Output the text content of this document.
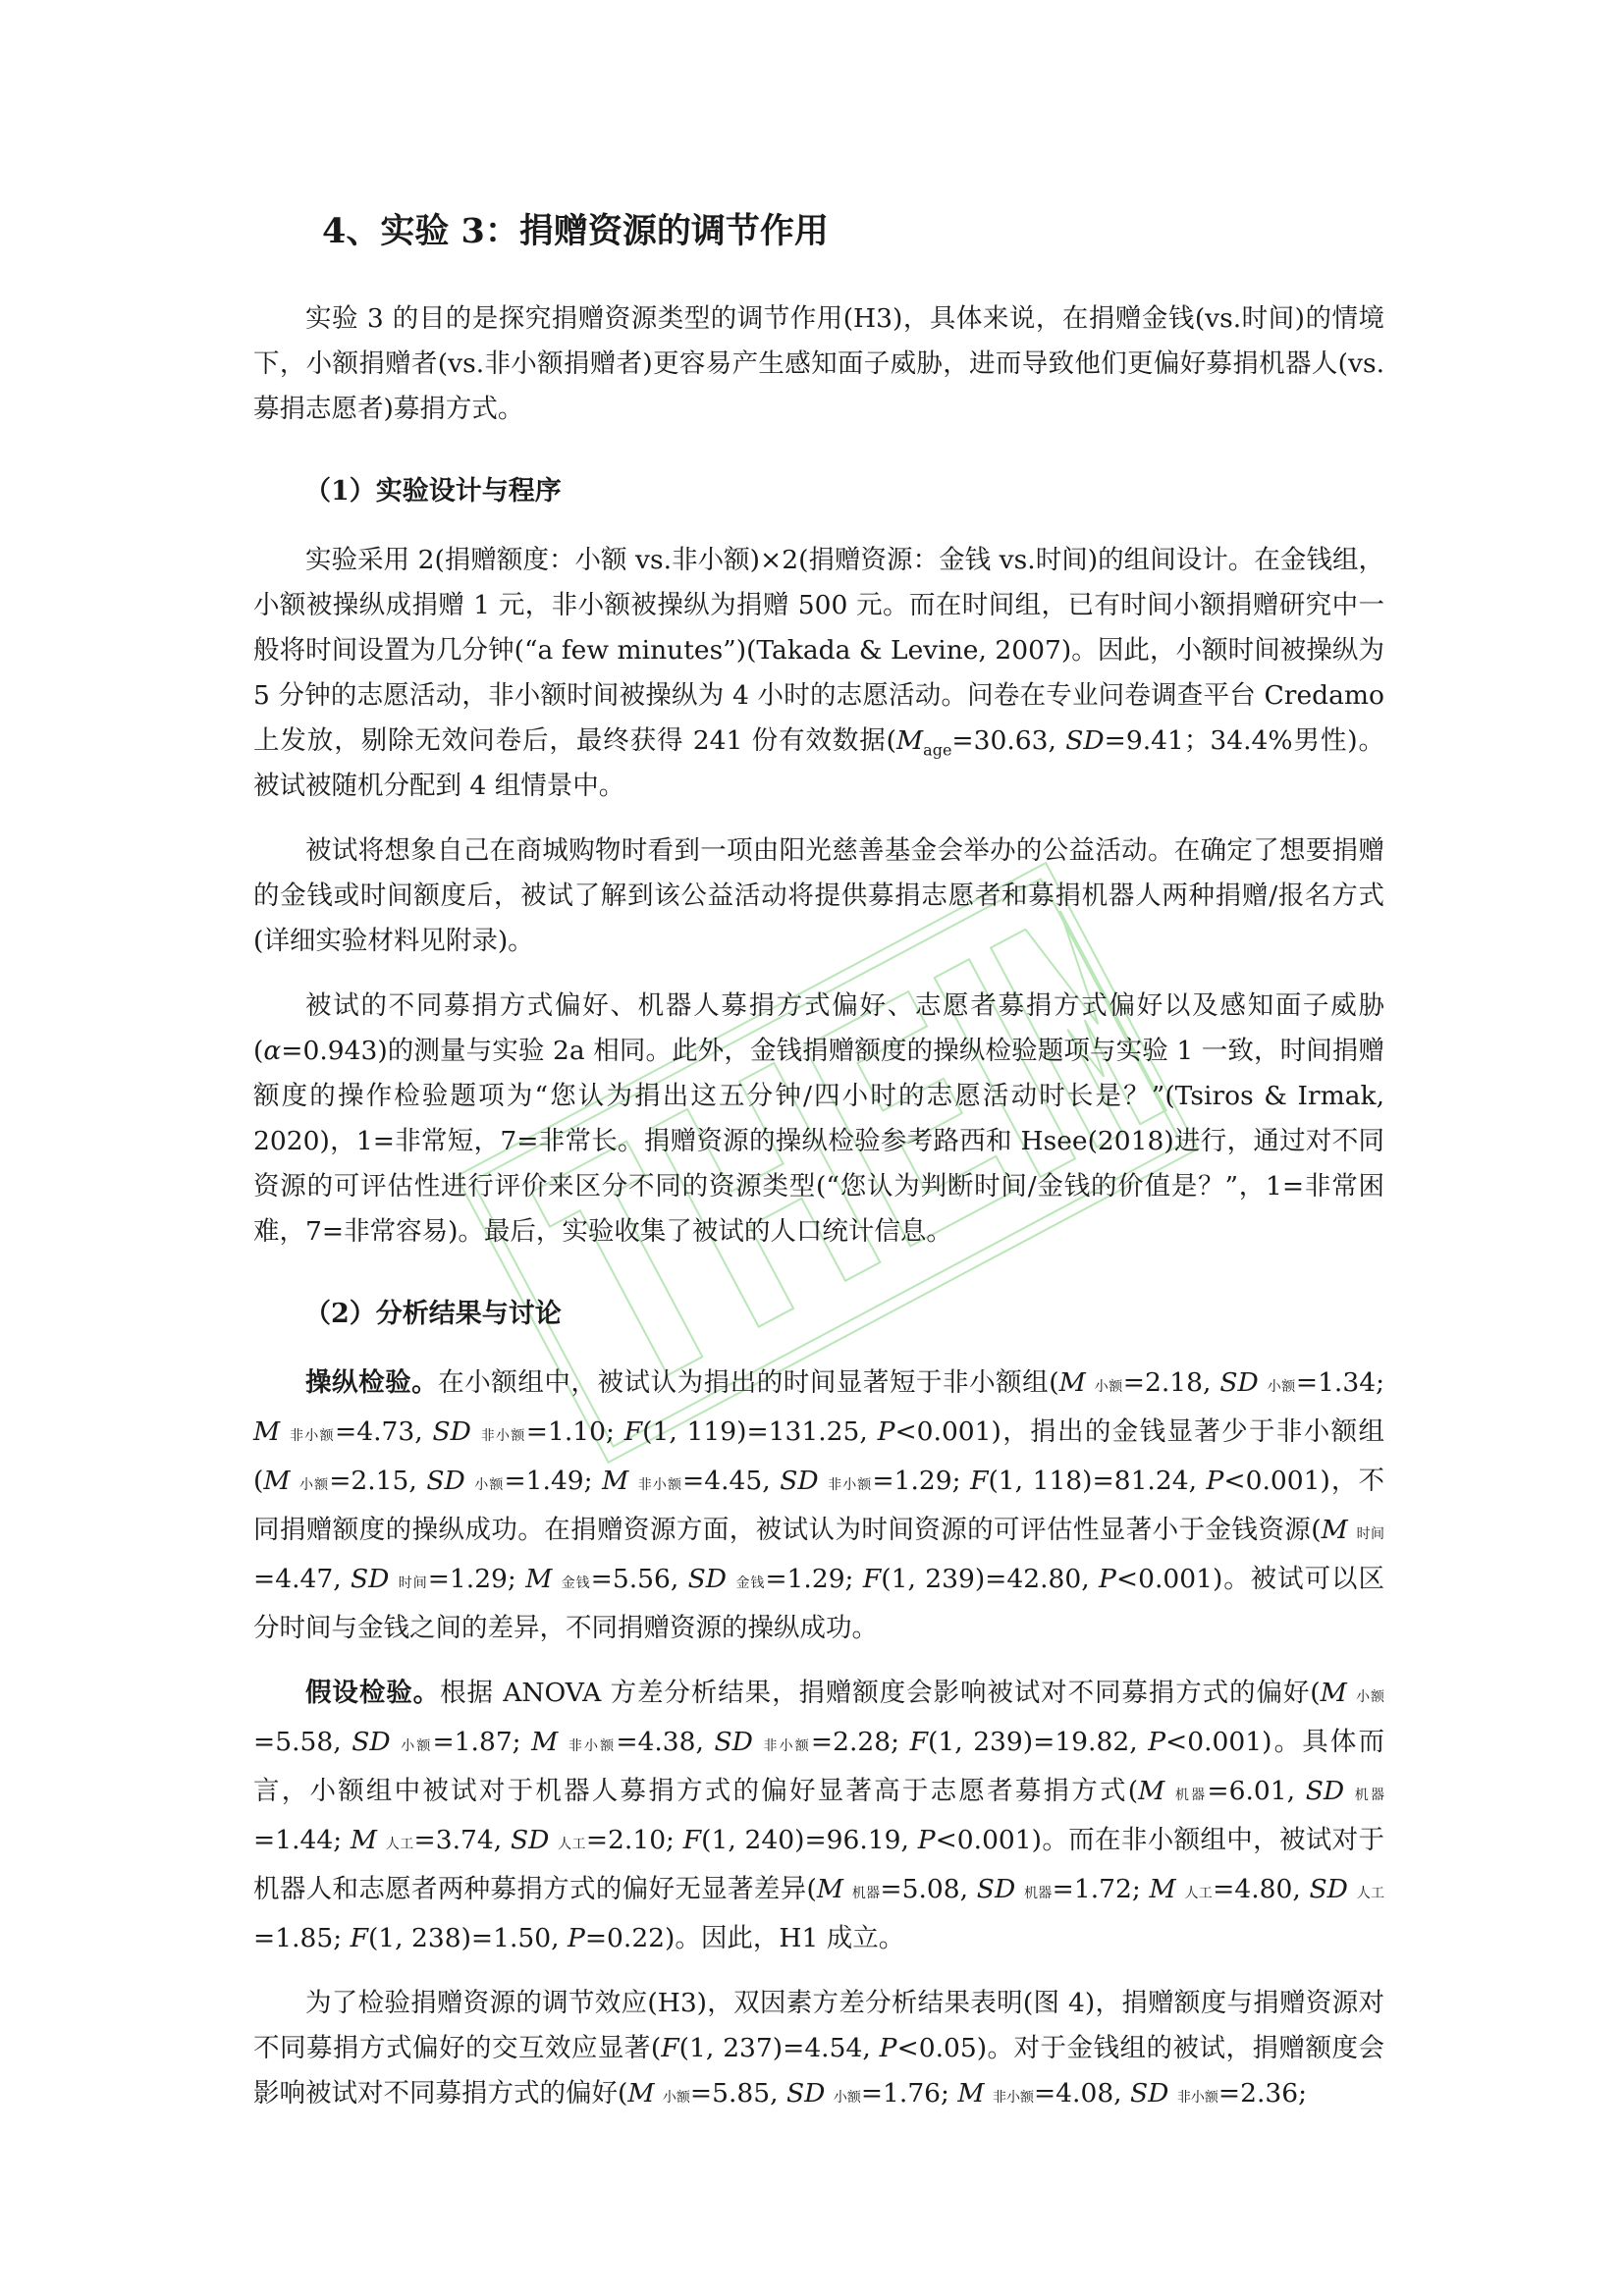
4、实验 3：捐赠资源的调节作用

实验 3 的目的是探究捐赠资源类型的调节作用(H3)，具体来说，在捐赠金钱(vs.时间)的情境下，小额捐赠者(vs.非小额捐赠者)更容易产生感知面子威胁，进而导致他们更偏好募捐机器人(vs.募捐志愿者)募捐方式。

（1）实验设计与程序

实验采用 2(捐赠额度：小额 vs.非小额)×2(捐赠资源：金钱 vs.时间)的组间设计。在金钱组，小额被操纵成捐赠 1 元，非小额被操纵为捐赠 500 元。而在时间组，已有时间小额捐赠研究中一般将时间设置为几分钟(“a few minutes”)(Takada & Levine, 2007)。因此，小额时间被操纵为 5 分钟的志愿活动，非小额时间被操纵为 4 小时的志愿活动。问卷在专业问卷调查平台 Credamo 上发放，剔除无效问卷后，最终获得 241 份有效数据($M_{age}=30.63$, SD=9.41；34.4%男性)。被试被随机分配到 4 组情景中。

被试将想象自己在商城购物时看到一项由阳光慈善基金会举办的公益活动。在确定了想要捐赠的金钱或时间额度后，被试了解到该公益活动将提供募捐志愿者和募捐机器人两种捐赠/报名方式(详细实验材料见附录)。

被试的不同募捐方式偏好、机器人募捐方式偏好、志愿者募捐方式偏好以及感知面子威胁(α=0.943)的测量与实验 2a 相同。此外，金钱捐赠额度的操纵检验题项与实验 1 一致，时间捐赠额度的操作检验题项为“您认为捐出这五分钟/四小时的志愿活动时长是？”(Tsiros & Irmak, 2020)，1=非常短，7=非常长。捐赠资源的操纵检验参考路西和 Hsee(2018)进行，通过对不同资源的可评估性进行评价来区分不同的资源类型(“您认为判断时间/金钱的价值是？”，1=非常困难，7=非常容易)。最后，实验收集了被试的人口统计信息。

（2）分析结果与讨论

操纵检验。在小额组中，被试认为捐出的时间显著短于非小额组(M 小额=2.18, SD 小额=1.34; M 非小额=4.73, SD 非小额=1.10; F(1, 119)=131.25, P<0.001)，捐出的金钱显著少于非小额组(M 小额=2.15, SD 小额=1.49; M 非小额=4.45, SD 非小额=1.29; F(1, 118)=81.24, P<0.001)，不同捐赠额度的操纵成功。在捐赠资源方面，被试认为时间资源的可评估性显著小于金钱资源(M 时间=4.47, SD 时间=1.29; M 金钱=5.56, SD 金钱=1.29; F(1, 239)=42.80, P<0.001)。被试可以区分时间与金钱之间的差异，不同捐赠资源的操纵成功。

假设检验。根据 ANOVA 方差分析结果，捐赠额度会影响被试对不同募捐方式的偏好(M 小额=5.58, SD 小额=1.87; M 非小额=4.38, SD 非小额=2.28; F(1, 239)=19.82, P<0.001)。具体而言，小额组中被试对于机器人募捐方式的偏好显著高于志愿者募捐方式(M 机器=6.01, SD 机器=1.44; M 人工=3.74, SD 人工=2.10; F(1, 240)=96.19, P<0.001)。而在非小额组中，被试对于机器人和志愿者两种募捐方式的偏好无显著差异(M 机器=5.08, SD 机器=1.72; M 人工=4.80, SD 人工=1.85; F(1, 238)=1.50, P=0.22)。因此，H1 成立。

为了检验捐赠资源的调节效应(H3)，双因素方差分析结果表明(图 4)，捐赠额度与捐赠资源对不同募捐方式偏好的交互效应显著(F(1, 237)=4.54, P<0.05)。对于金钱组的被试，捐赠额度会影响被试对不同募捐方式的偏好(M 小额=5.85, SD 小额=1.76; M 非小额=4.08, SD 非小额=2.36;
